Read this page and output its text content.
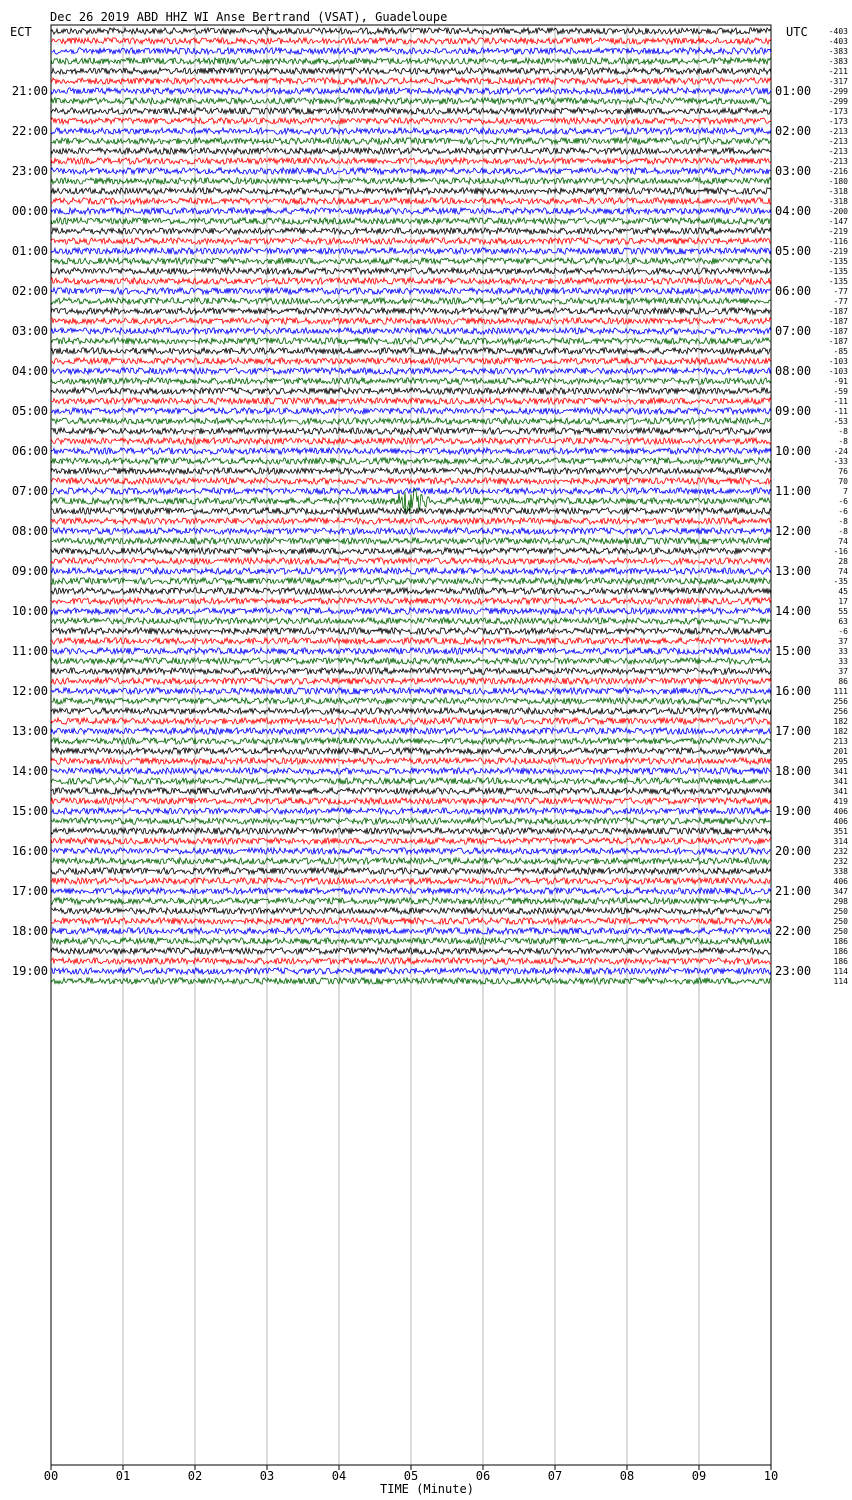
Dec 26 2019 ABD HHZ WI Anse Bertrand (VSAT), Guadeloupe
ECT	UTC
00	01	02	03	04	05	06	07	08	09	10
-403
-403
-383
-383
-211
-317
-299
-299
-173
-173
-213
-213
-213
-213
-216
-180
-318
-318
-200
-147
-219
-116
-219
-135
-135
-135
-77
-77
-187
-187
-187
-187
-85
-103
-103
-91
-59
-11
-11
-53
-8
-8
-24
-33
76
70
7
-6
-6
-8
-8
74
-16
28
74
-35
45
17
55
63
-6
37
33
33
37
86
111
256
256
182
182
213
201
295
341
341
341
419
406
406
351
314
232
232
338
406
347
298
250
250
250
186
186
186
114
114
21:00	01:00
22:00	02:00
23:00	03:00
00:00	04:00
01:00	05:00
02:00	06:00
03:00	07:00
04:00	08:00
05:00	09:00
06:00	10:00
07:00	11:00
08:00	12:00
09:00	13:00
10:00	14:00
11:00	15:00
12:00	16:00
13:00	17:00
14:00	18:00
15:00	19:00
16:00	20:00
17:00	21:00
18:00	22:00
19:00	23:00
TIME (Minute)
